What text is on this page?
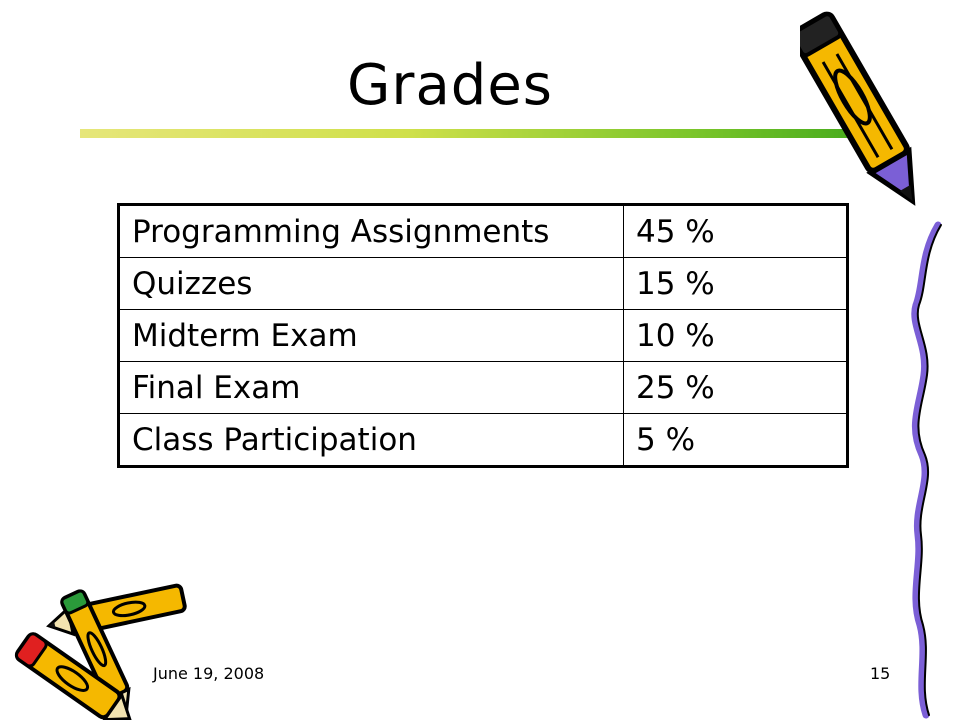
Grades
Programming Assignments	45 %
Quizzes	15 %
Midterm Exam	10 %
Final Exam	25 %
Class Participation	5 %
June 19, 2008	15
